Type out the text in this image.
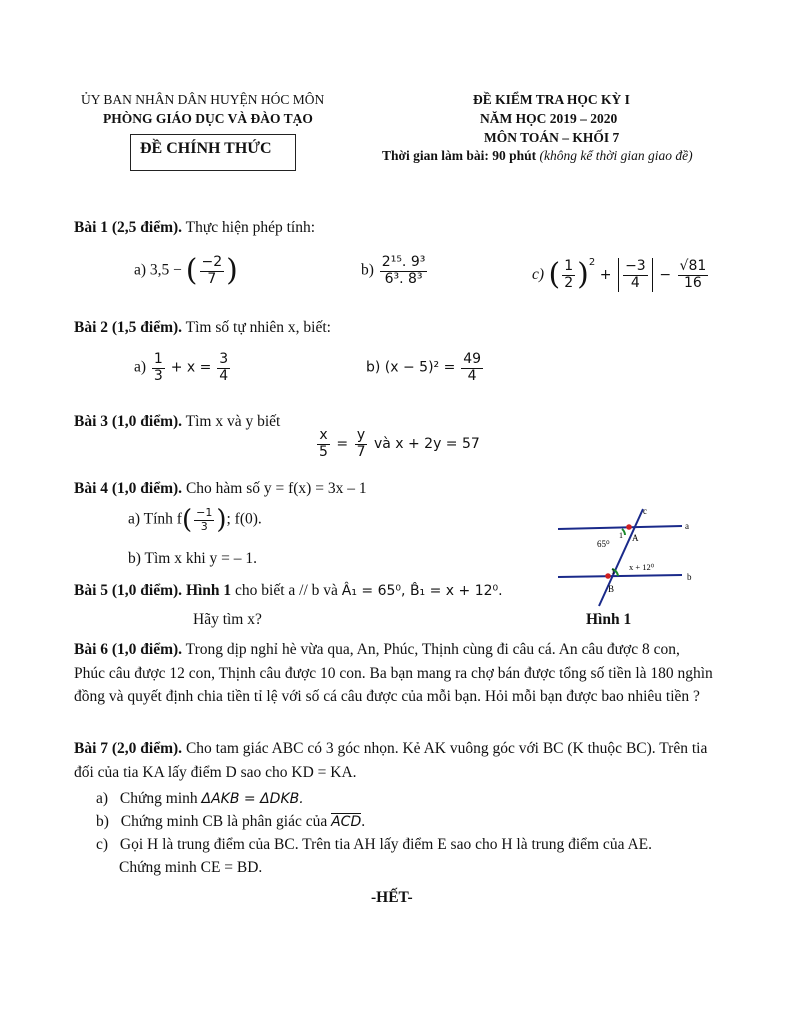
ỦY BAN NHÂN DÂN HUYỆN HÓC MÔN
PHÒNG GIÁO DỤC VÀ ĐÀO TẠO
ĐỀ CHÍNH THỨC
ĐỀ KIỂM TRA HỌC KỲ I
NĂM HỌC 2019 – 2020
MÔN TOÁN – KHỐI 7
Thời gian làm bài: 90 phút (không kể thời gian giao đề)
Bài 1 (2,5 điểm). Thực hiện phép tính:
a) 3,5 − ( $\frac{-2}{7}$ )	$b) \frac{\text{2¹⁵. 9³}}{\text{6³. 8³}}$	c) ( $\frac{1}{2} )^2 + \frac{-3}{4} - \frac{√81}{16}$
Bài 2 (1,5 điểm). Tìm số tự nhiên x, biết:
$a) \frac{1}{3} + x = \frac{3}{4}$	b) $(x - 5)^2 = \frac{49}{4}$
Bài 3 (1,0 điểm). Tìm x và y biết
$\frac{x}{5} = \frac{y}{7}$ và x + 2y = 57
Bài 4 (1,0 điểm). Cho hàm số y = f(x) = 3x – 1
a) Tính $f( \frac{-1}{3}$ ); f(0).
b) Tìm x khi y = – 1.
Bài 5 (1,0 điểm). Hình 1 cho biết a // b và Â₁ = 65⁰, B̂₁ = x + 12⁰.
Hãy tìm x?
c
a
b
A
B
65⁰
x + 12⁰
1
1
Hình 1
Bài 6 (1,0 điểm). Trong dịp nghỉ hè vừa qua, An, Phúc, Thịnh cùng đi câu cá. An câu được 8 con, Phúc câu được 12 con, Thịnh câu được 10 con. Ba bạn mang ra chợ bán được tổng số tiền là 180 nghìn đồng và quyết định chia tiền tỉ lệ với số cá câu được của mỗi bạn. Hỏi mỗi bạn được bao nhiêu tiền ?
Bài 7 (2,0 điểm). Cho tam giác ABC có 3 góc nhọn. Kẻ AK vuông góc với BC (K thuộc BC). Trên tia đối của tia KA lấy điểm D sao cho KD = KA.
a) Chứng minh ΔAKB = ΔDKB.
b) Chứng minh CB là phân giác của ACD.
c) Gọi H là trung điểm của BC. Trên tia AH lấy điểm E sao cho H là trung điểm của AE.
Chứng minh CE = BD.
-HẾT-
